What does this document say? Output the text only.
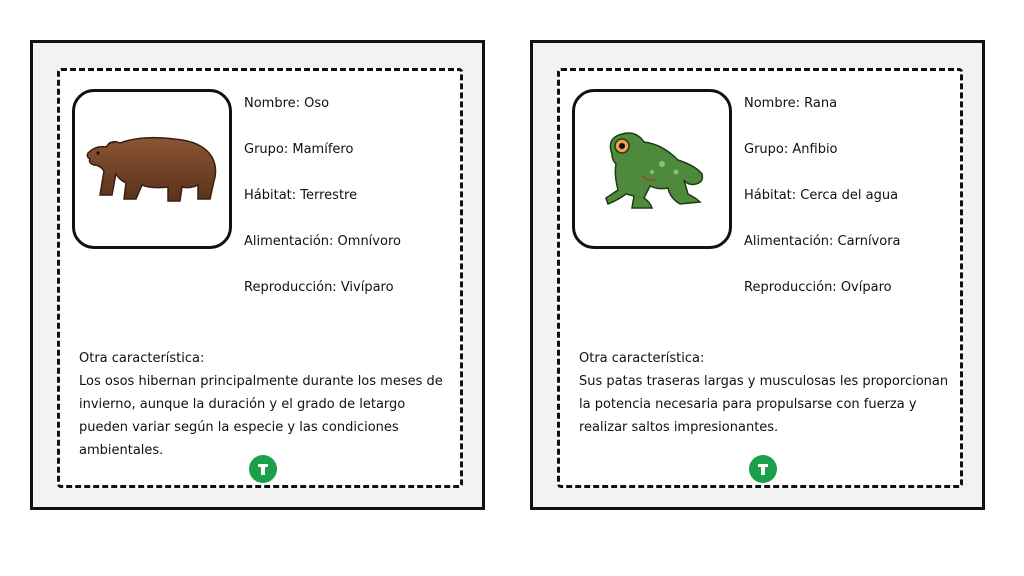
Nombre: Oso
Grupo: Mamífero
Hábitat: Terrestre
Alimentación: Omnívoro
Reproducción: Vivíparo
Otra característica:
Los osos hibernan principalmente durante los meses de invierno, aunque la duración y el grado de letargo pueden variar según la especie y las condiciones ambientales.
Nombre: Rana
Grupo: Anfibio
Hábitat: Cerca del agua
Alimentación: Carnívora
Reproducción: Ovíparo
Otra característica:
Sus patas traseras largas y musculosas les proporcionan la potencia necesaria para propulsarse con fuerza y realizar saltos impresionantes.
